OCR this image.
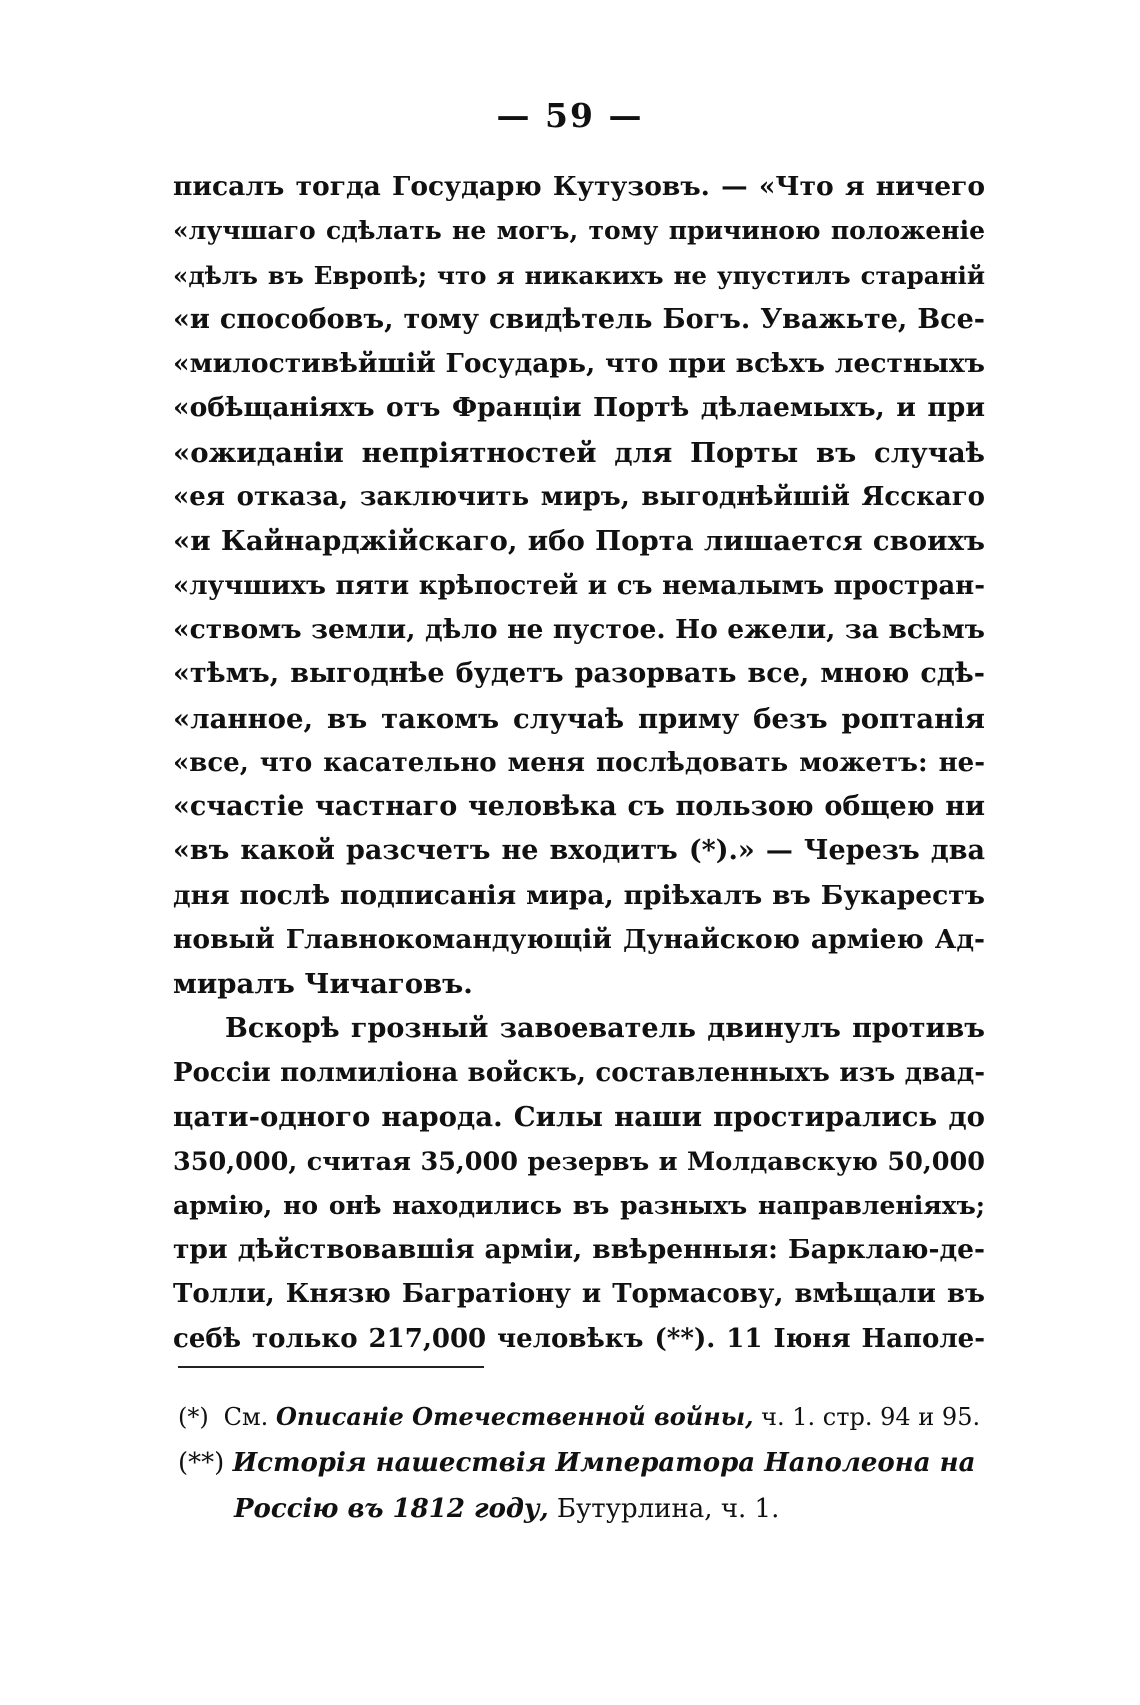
— 59 —
писалъ тогда Государю Кутузовъ. — «Что я ничего
«лучшаго сдѣлать не могъ, тому причиною положеніе
«дѣлъ въ Европѣ; что я никакихъ не упустилъ стараній
«и способовъ, тому свидѣтель Богъ. Уважьте, Все-
«милостивѣйшій Государь, что при всѣхъ лестныхъ
«обѣщаніяхъ отъ Франціи Портѣ дѣлаемыхъ, и при
«ожиданіи непріятностей для Порты въ случаѣ
«ея отказа, заключить миръ, выгоднѣйшій Ясскаго
«и Кайнарджійскаго, ибо Порта лишается своихъ
«лучшихъ пяти крѣпостей и съ немалымъ простран-
«ствомъ земли, дѣло не пустое. Но ежели, за всѣмъ
«тѣмъ, выгоднѣе будетъ разорвать все, мною сдѣ-
«ланное, въ такомъ случаѣ приму безъ роптанія
«все, что касательно меня послѣдовать можетъ: не-
«счастіе частнаго человѣка съ пользою общею ни
«въ какой разсчетъ не входитъ (*).» — Черезъ два
дня послѣ подписанія мира, пріѣхалъ въ Букарестъ
новый Главнокомандующій Дунайскою арміею Ад-
миралъ Чичаговъ.
Вскорѣ грозный завоеватель двинулъ противъ
Россіи полмиліона войскъ, составленныхъ изъ двад-
цати-одного народа. Силы наши простирались до
350,000, считая 35,000 резервъ и Молдавскую 50,000
армію, но онѣ находились въ разныхъ направленіяхъ;
три дѣйствовавшія арміи, ввѣренныя: Барклаю-де-
Толли, Князю Багратіону и Тормасову, вмѣщали въ
себѣ только 217,000 человѣкъ (**). 11 Іюня Наполе-
(*) См. Описаніе Отечественной войны, ч. 1. стр. 94 и 95.
(**) Исторія нашествія Императора Наполеона на
Россію въ 1812 году, Бутурлина, ч. 1.
